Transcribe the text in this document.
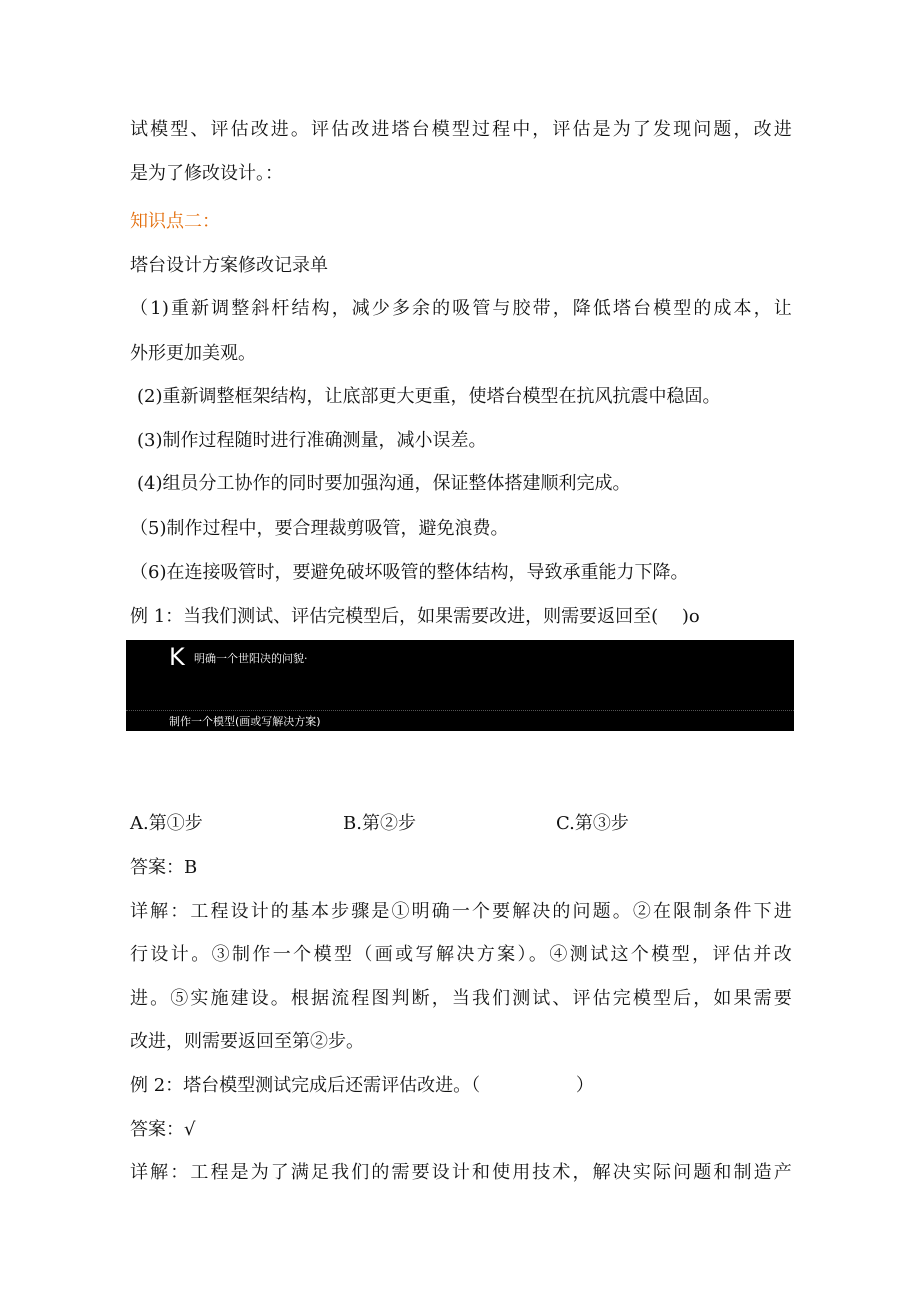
试模型、评估改进。评估改进塔台模型过程中，评估是为了发现问题，改进

是为了修改设计。：

知识点二：

塔台设计方案修改记录单

（1)重新调整斜杆结构，减少多余的吸管与胶带，降低塔台模型的成本，让

外形更加美观。

(2)重新调整框架结构，让底部更大更重，使塔台模型在抗风抗震中稳固。

(3)制作过程随时进行准确测量，减小误差。

(4)组员分工协作的同时要加强沟通，保证整体搭建顺利完成。

（5)制作过程中，要合理裁剪吸管，避免浪费。

（6)在连接吸管时，要避免破坏吸管的整体结构，导致承重能力下降。

例 1：当我们测试、评估完模型后，如果需要改进，则需要返回至(　 )o

K 明确一个世阳决的问貌·
制作一个模型(画或写解决方案)

A.第①步	B.第②步	C.第③步

答案：B

详解：工程设计的基本步骤是①明确一个要解决的问题。②在限制条件下进

行设计。③制作一个模型（画或写解决方案）。④测试这个模型，评估并改

进。⑤实施建设。根据流程图判断，当我们测试、评估完模型后，如果需要

改进，则需要返回至第②步。

例 2：塔台模型测试完成后还需评估改进。（　　　　　 ）

答案：√

详解：工程是为了满足我们的需要设计和使用技术，解决实际问题和制造产
